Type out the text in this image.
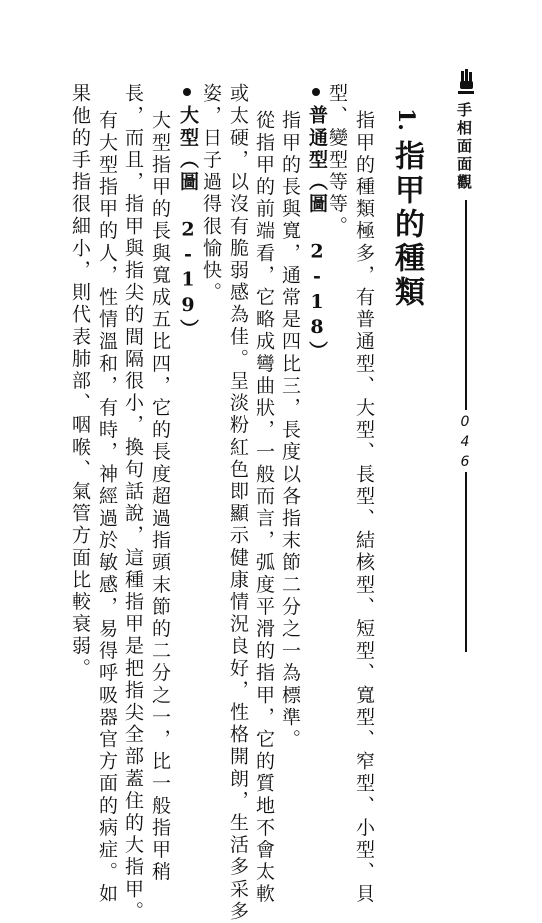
手相面面觀
046
1.
指甲的種類
指甲的種類極多，有普通型、大型、長型、結核型、短型、寬型、窄型、小型、貝
型、變型等等。
普通型（圖 2-18）
指甲的長與寬，通常是四比三，長度以各指末節二分之一為標準。
從指甲的前端看，它略成彎曲狀，一般而言，弧度平滑的指甲，它的質地不會太軟
或太硬，以沒有脆弱感為佳。呈淡粉紅色即顯示健康情況良好，性格開朗，生活多采多
姿，日子過得很愉快。
大型（圖 2-19）
大型指甲的長與寬成五比四，它的長度超過指頭末節的二分之一，比一般指甲稍
長，而且，指甲與指尖的間隔很小，換句話說，這種指甲是把指尖全部蓋住的大指甲。
有大型指甲的人，性情溫和，有時，神經過於敏感，易得呼吸器官方面的病症。如
果他的手指很細小，則代表肺部、咽喉、氣管方面比較衰弱。
